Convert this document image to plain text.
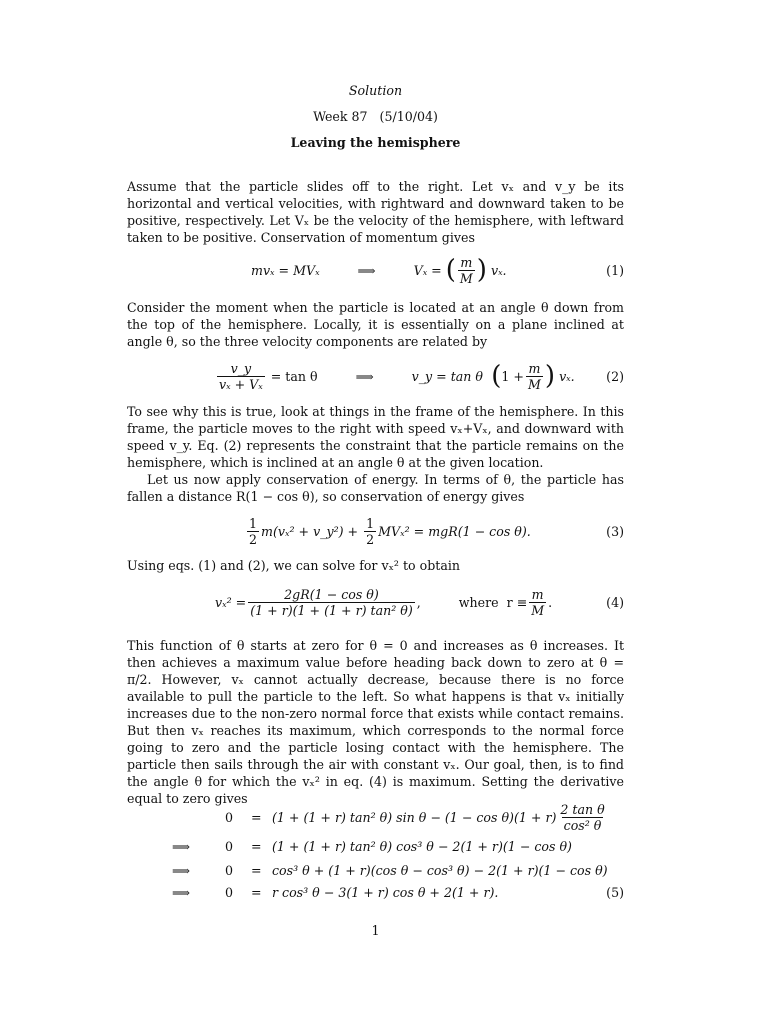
Solution
Week 87   (5/10/04)
Leaving the hemisphere

Assume that the particle slides off to the right. Let vₓ and v_y be its horizontal and vertical velocities, with rightward and downward taken to be positive, respectively. Let Vₓ be the velocity of the hemisphere, with leftward taken to be positive. Conservation of momentum gives

mvₓ = MVₓ	⟹	Vₓ = ( $\frac{m}{M}$ )
vₓ.	(1)

Consider the moment when the particle is located at an angle θ down from the top of the hemisphere. Locally, it is essentially on a plane inclined at angle θ, so the three velocity components are related by

$\frac{v\_y}{\text{vₓ + Vₓ}}$
= tan θ	⟹	v_y = tan θ ( $1 + \frac{m}{M}$ )
vₓ.	(2)

To see why this is true, look at things in the frame of the hemisphere. In this frame, the particle moves to the right with speed vₓ+Vₓ, and downward with speed v_y. Eq. (2) represents the constraint that the particle remains on the hemisphere, which is inclined at an angle θ at the given location.

Let us now apply conservation of energy. In terms of θ, the particle has fallen a distance R(1 − cos θ), so conservation of energy gives

$\frac{1}{2} m(v_x^2$ + v_y²) +
$\frac{1}{2} MV_x^2 = mgR(1 - \cos \theta)$.	(3)

Using eqs. (1) and (2), we can solve for vₓ² to obtain

$v_x^2 = \frac{\text{2gR(1 − cos θ)}}{\text{(1 + r)(1 + (1 + r) tan² θ)}}$ ,	where  $r \equiv \frac{m}{M}$ .	(4)

This function of θ starts at zero for θ = 0 and increases as θ increases. It then achieves a maximum value before heading back down to zero at θ = π/2. However, vₓ cannot actually decrease, because there is no force available to pull the particle to the left. So what happens is that vₓ initially increases due to the non-zero normal force that exists while contact remains. But then vₓ reaches its maximum, which corresponds to the normal force going to zero and the particle losing contact with the hemisphere. The particle then sails through the air with constant vₓ. Our goal, then, is to find the angle θ for which the vₓ² in eq. (4) is maximum. Setting the derivative equal to zero gives

0 = (1 + (1 + r) tan² θ) $\sin \theta - (1 - \cos \theta)(1 + r) \frac{\text{2 tan θ}}{\text{cos² θ}}$
⟹	0 = (1 + (1 + r) tan² θ) cos³ θ − 2(1 + r)(1 − cos θ)
⟹	0 = cos³ θ + (1 + r)(cos θ − cos³ θ) − 2(1 + r)(1 − cos θ)
⟹	0 = r cos³ θ − 3(1 + r) cos θ + 2(1 + r).	(5)
1
